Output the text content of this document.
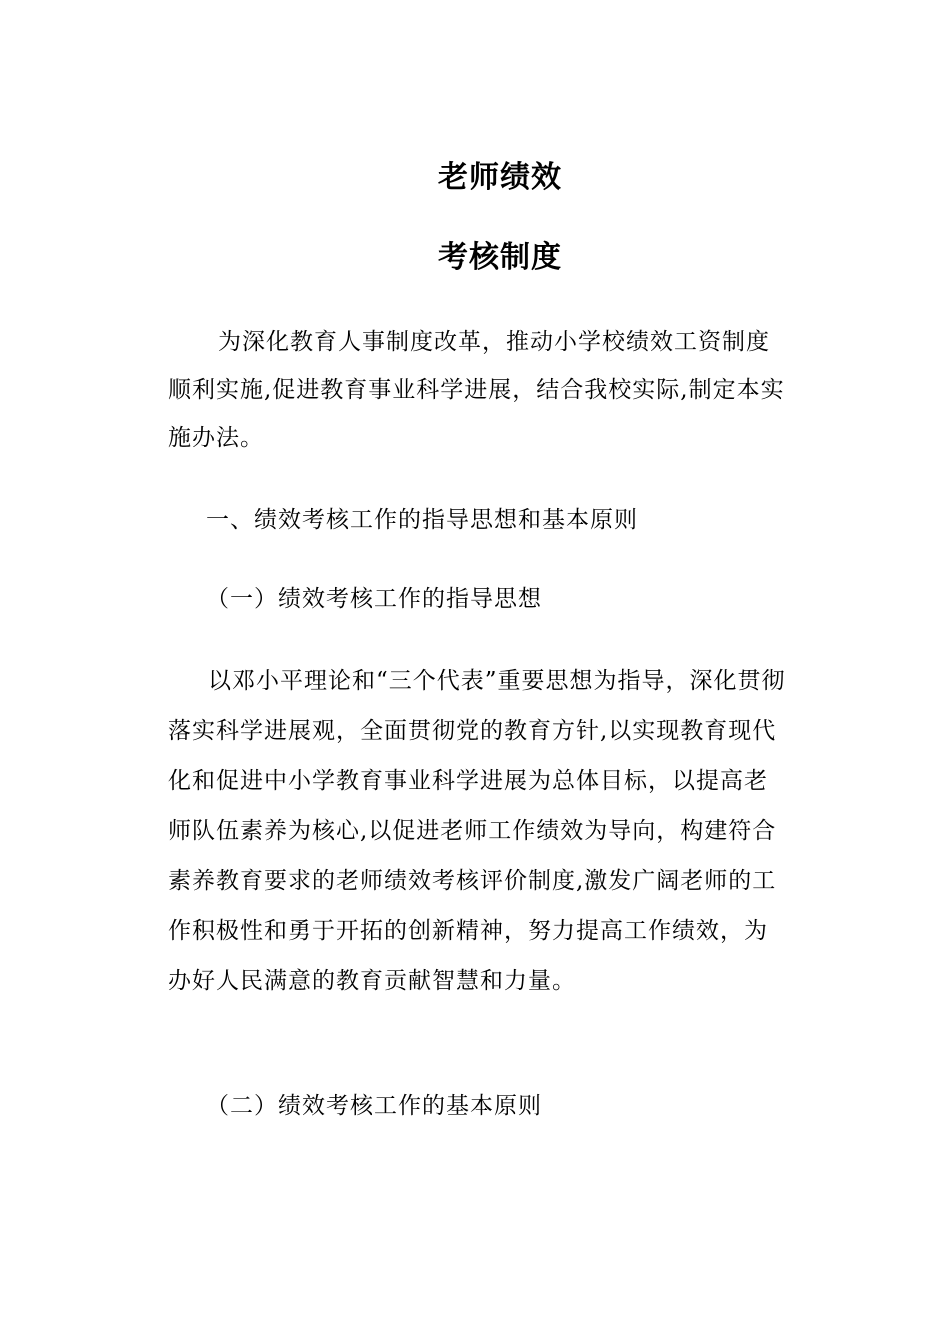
老师绩效
考核制度

为深化教育人事制度改革，推动小学校绩效工资制度顺利实施,促进教育事业科学进展，结合我校实际,制定本实施办法。

一、绩效考核工作的指导思想和基本原则

（一）绩效考核工作的指导思想

以邓小平理论和“三个代表”重要思想为指导，深化贯彻落实科学进展观，全面贯彻党的教育方针,以实现教育现代化和促进中小学教育事业科学进展为总体目标，以提高老师队伍素养为核心,以促进老师工作绩效为导向，构建符合素养教育要求的老师绩效考核评价制度,激发广阔老师的工作积极性和勇于开拓的创新精神，努力提高工作绩效，为办好人民满意的教育贡献智慧和力量。

（二）绩效考核工作的基本原则
